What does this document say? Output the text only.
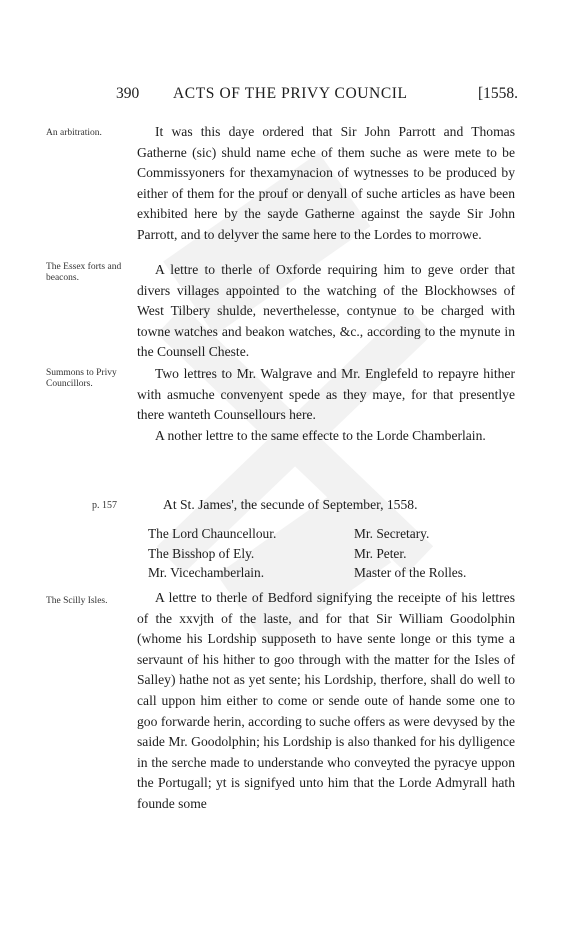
390 ACTS OF THE PRIVY COUNCIL	[1558.
An arbitration.	It was this daye ordered that Sir John Parrott and Thomas Gatherne (sic) shuld name eche of them suche as were mete to be Commissyoners for thexamynacion of wytnesses to be produced by either of them for the prouf or denyall of suche articles as have been exhibited here by the sayde Gatherne against the sayde Sir John Parrott, and to delyver the same here to the Lordes to morrowe.
The Essex forts and beacons.
A lettre to therle of Oxforde requiring him to geve order that divers villages appointed to the watching of the Blockhowses of West Tilbery shulde, neverthelesse, contynue to be charged with towne watches and beakon watches, &c., according to the mynute in the Counsell Cheste.
Summons to Privy Councillors.
Two lettres to Mr. Walgrave and Mr. Englefeld to repayre hither with asmuche convenyent spede as they maye, for that presentlye there wanteth Counsellours here.
A nother lettre to the same effecte to the Lorde Chamberlain.
p. 157	At St. James', the secunde of September, 1558.
The Lord Chauncellour.	Mr. Secretary.
The Bisshop of Ely.	Mr. Peter.
Mr. Vicechamberlain.	Master of the Rolles.
The Scilly Isles.	A lettre to therle of Bedford signifying the receipte of his lettres of the xxvjth of the laste, and for that Sir William Goodolphin (whome his Lordship supposeth to have sente longe or this tyme a servaunt of his hither to goo through with the matter for the Isles of Salley) hathe not as yet sente; his Lordship, therfore, shall do well to call uppon him either to come or sende oute of hande some one to goo forwarde herin, according to suche offers as were devysed by the saide Mr. Goodolphin; his Lordship is also thanked for his dylligence in the serche made to understande who conveyted the pyracye uppon the Portugall; yt is signifyed unto him that the Lorde Admyrall hath founde some
